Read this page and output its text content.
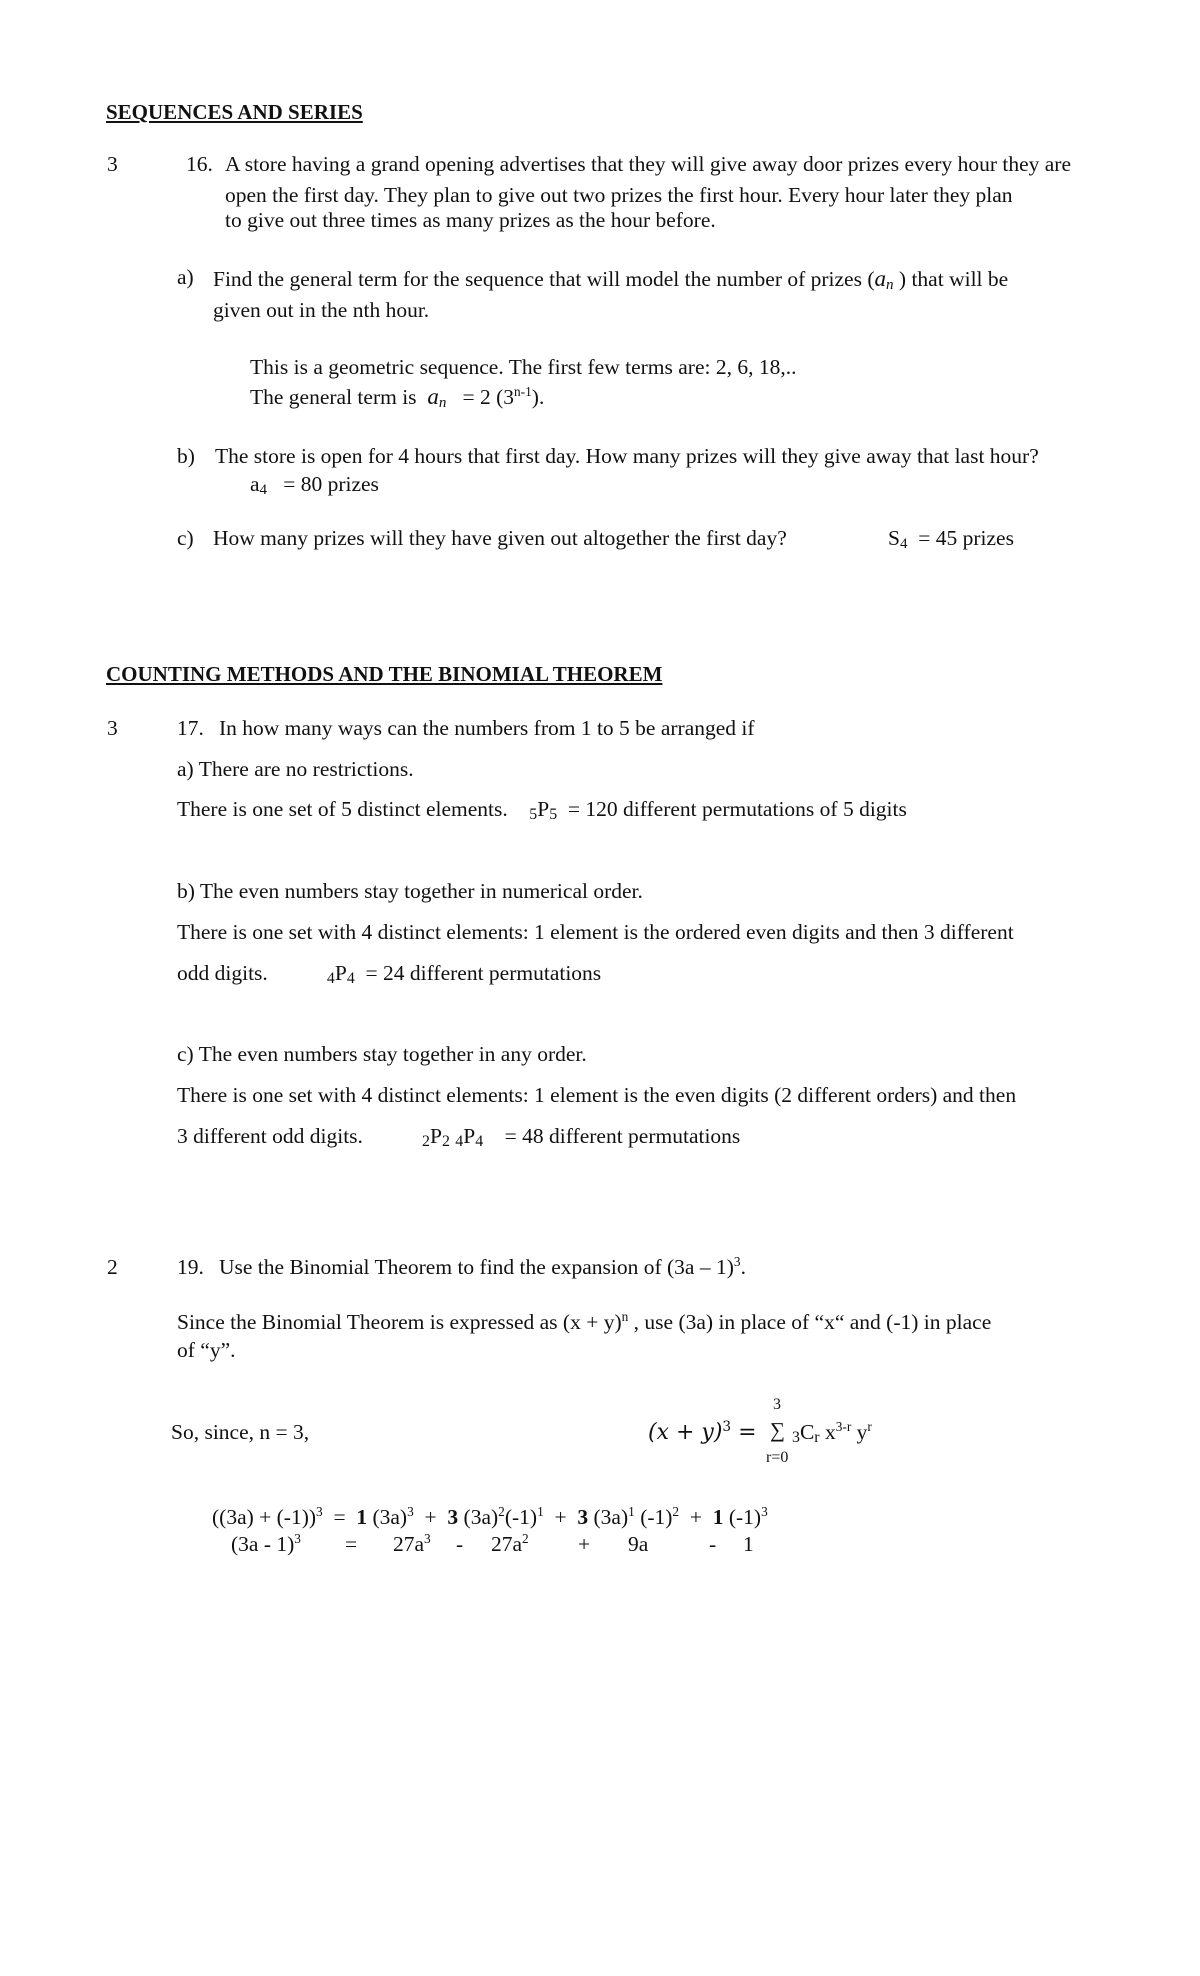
SEQUENCES AND SERIES
3	16. A store having a grand opening advertises that they will give away door prizes every hour they are
open the first day. They plan to give out two prizes the first hour. Every hour later they plan
to give out three times as many prizes as the hour before.
a) Find the general term for the sequence that will model the number of prizes ($a_n$ ) that will be
given out in the nth hour.
This is a geometric sequence. The first few terms are: 2, 6, 18,..
The general term is $a_n = 2$ (3$^{n-1}$).
b) The store is open for 4 hours that first day. How many prizes will they give away that last hour?
$a_4 = 80$ prizes
c) How many prizes will they have given out altogether the first day?	$S_4 = 45$ prizes
COUNTING METHODS AND THE BINOMIAL THEOREM
3	17. In how many ways can the numbers from 1 to 5 be arranged if
a) There are no restrictions.
There is one set of 5 distinct elements. $_5P_5 = 120$ different permutations of 5 digits
b) The even numbers stay together in numerical order.
There is one set with 4 distinct elements: 1 element is the ordered even digits and then 3 different
odd digits.	$_4P_4 = 24$ different permutations
c) The even numbers stay together in any order.
There is one set with 4 distinct elements: 1 element is the even digits (2 different orders) and then
3 different odd digits.	$_2P_2$ $_4P_4 = 48$ different permutations
2	19. Use the Binomial Theorem to find the expansion of (3a – 1)$^3$.
Since the Binomial Theorem is expressed as $(x + y)^n$ , use (3a) in place of “x“ and (-1) in place
of “y”.
So, since, n = 3,	$(x + y)^3$ =
3
∑
r=0
$_3C_r$ $x^{3-r}$ $y^r$
$((3a) + (-1))^3 = 1$ $(3a)^3 + 3$ $(3a)^2(-1)^1 + 3$ $(3a)^1$ $(-1)^2 + 1$ $(-1)^3$
$(3a - 1)^3 = 27a^3 - 27a^2 + 9a$	- 1
